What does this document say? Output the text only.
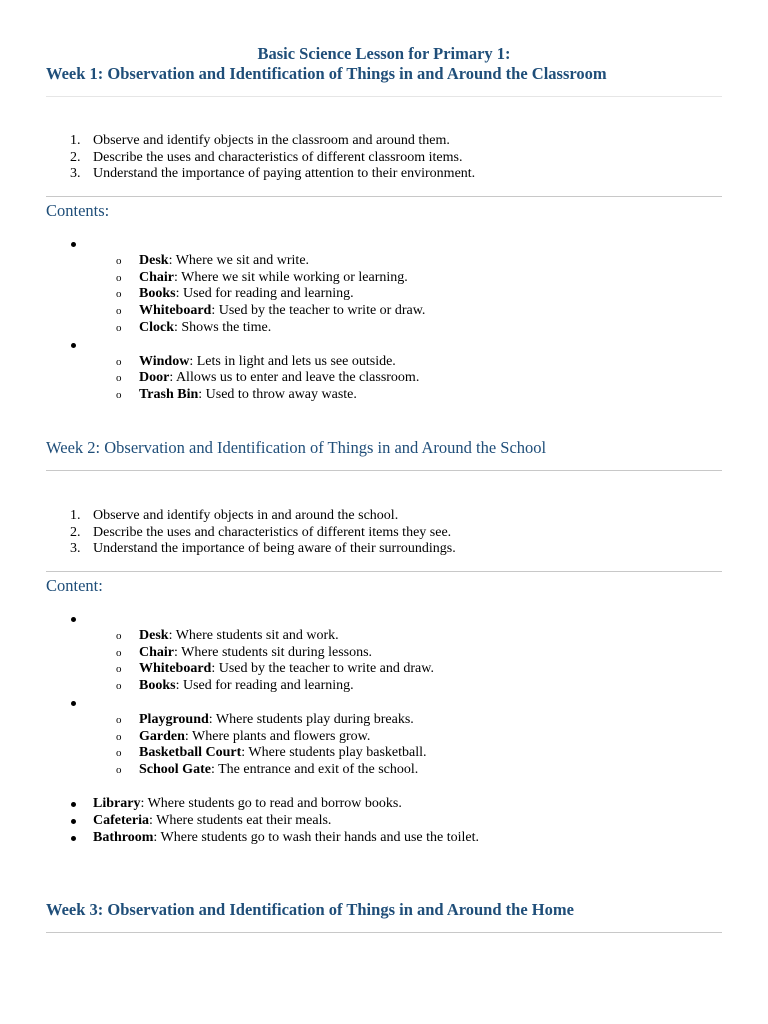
Basic Science Lesson for Primary 1:
Week 1: Observation and Identification of Things in and Around the Classroom
1. Observe and identify objects in the classroom and around them.
2. Describe the uses and characteristics of different classroom items.
3. Understand the importance of paying attention to their environment.
Contents:
o Desk: Where we sit and write.
o Chair: Where we sit while working or learning.
o Books: Used for reading and learning.
o Whiteboard: Used by the teacher to write or draw.
o Clock: Shows the time.
o Window: Lets in light and lets us see outside.
o Door: Allows us to enter and leave the classroom.
o Trash Bin: Used to throw away waste.
Week 2: Observation and Identification of Things in and Around the School
1. Observe and identify objects in and around the school.
2. Describe the uses and characteristics of different items they see.
3. Understand the importance of being aware of their surroundings.
Content:
o Desk: Where students sit and work.
o Chair: Where students sit during lessons.
o Whiteboard: Used by the teacher to write and draw.
o Books: Used for reading and learning.
o Playground: Where students play during breaks.
o Garden: Where plants and flowers grow.
o Basketball Court: Where students play basketball.
o School Gate: The entrance and exit of the school.
Library: Where students go to read and borrow books.
Cafeteria: Where students eat their meals.
Bathroom: Where students go to wash their hands and use the toilet.
Week 3: Observation and Identification of Things in and Around the Home
